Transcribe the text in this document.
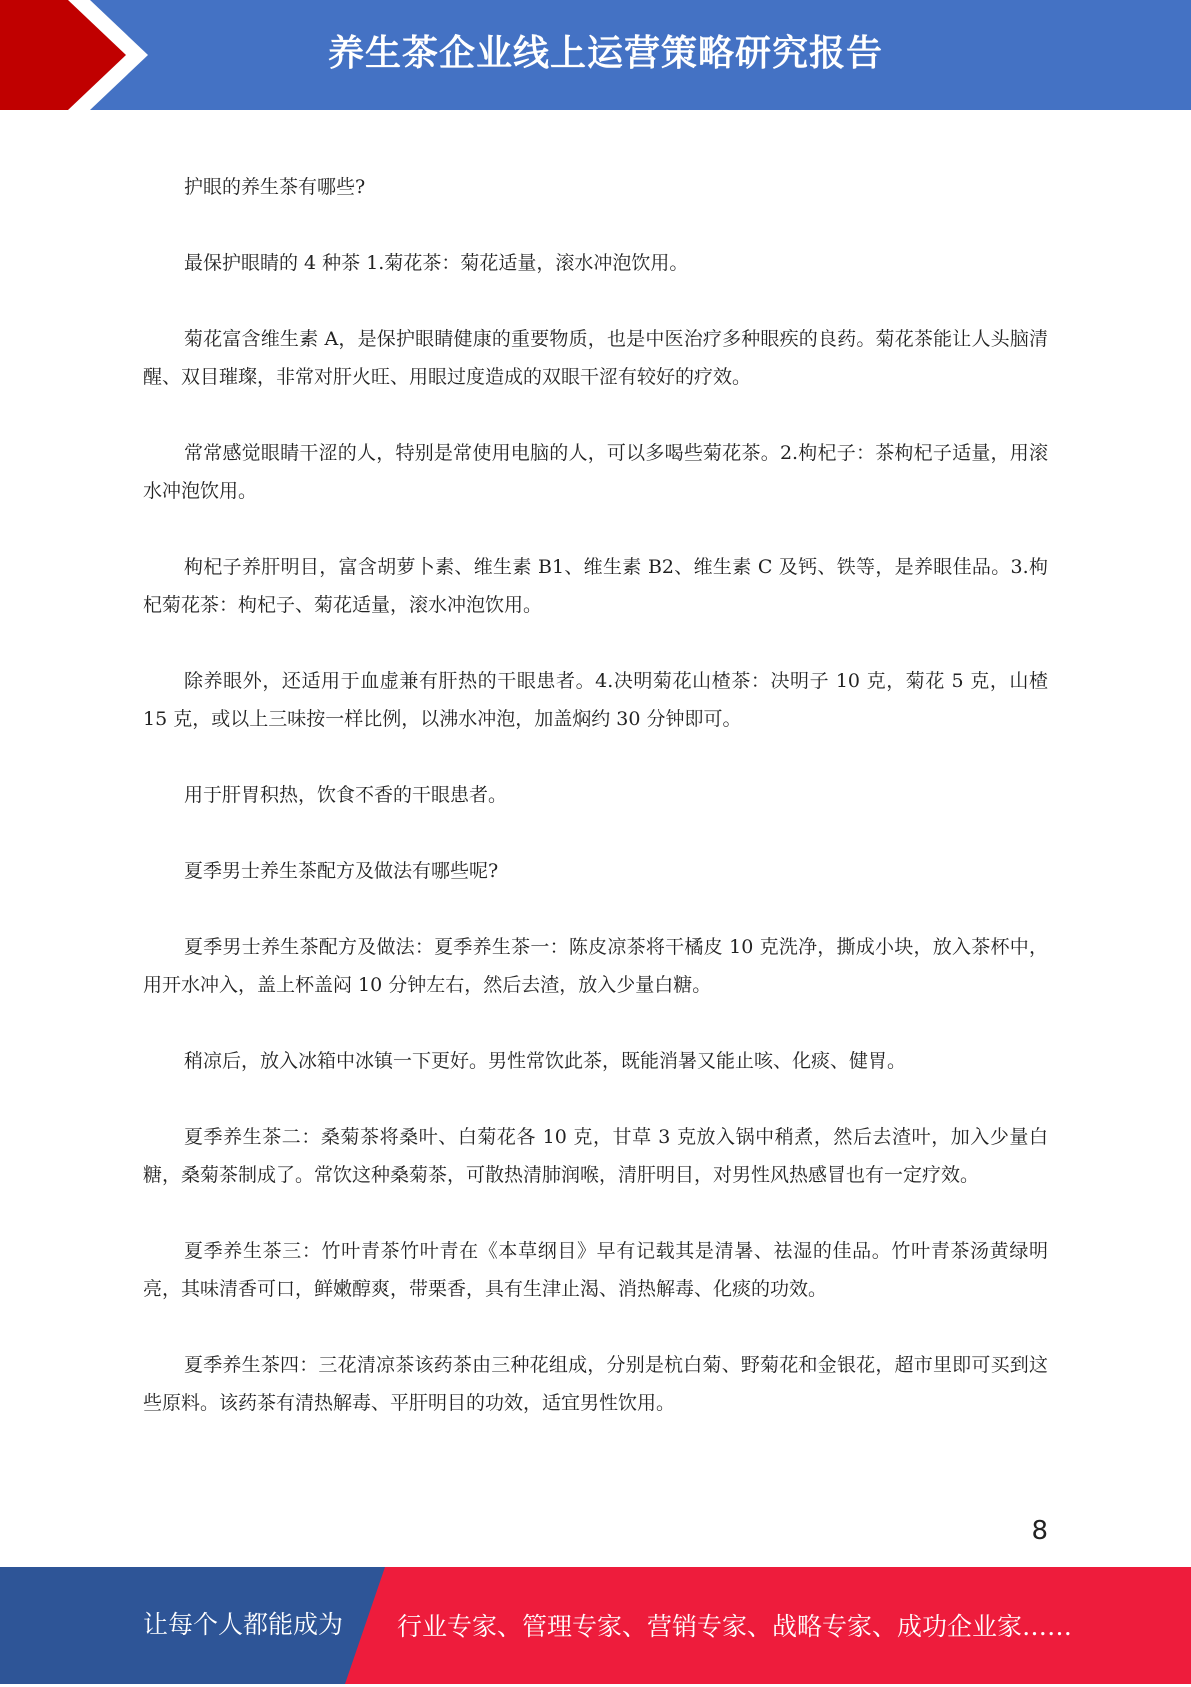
养生茶企业线上运营策略研究报告

护眼的养生茶有哪些?

最保护眼睛的 4 种茶 1.菊花茶：菊花适量，滚水冲泡饮用。

菊花富含维生素 A，是保护眼睛健康的重要物质，也是中医治疗多种眼疾的良药。菊花茶能让人头脑清醒、双目璀璨，非常对肝火旺、用眼过度造成的双眼干涩有较好的疗效。

常常感觉眼睛干涩的人，特别是常使用电脑的人，可以多喝些菊花茶。2.枸杞子：茶枸杞子适量，用滚水冲泡饮用。

枸杞子养肝明目，富含胡萝卜素、维生素 B1、维生素 B2、维生素 C 及钙、铁等，是养眼佳品。3.枸杞菊花茶：枸杞子、菊花适量，滚水冲泡饮用。

除养眼外，还适用于血虚兼有肝热的干眼患者。4.决明菊花山楂茶：决明子 10 克，菊花 5 克，山楂 15 克，或以上三味按一样比例，以沸水冲泡，加盖焖约 30 分钟即可。

用于肝胃积热，饮食不香的干眼患者。

夏季男士养生茶配方及做法有哪些呢?

夏季男士养生茶配方及做法：夏季养生茶一：陈皮凉茶将干橘皮 10 克洗净，撕成小块，放入茶杯中，用开水冲入，盖上杯盖闷 10 分钟左右，然后去渣，放入少量白糖。

稍凉后，放入冰箱中冰镇一下更好。男性常饮此茶，既能消暑又能止咳、化痰、健胃。

夏季养生茶二：桑菊茶将桑叶、白菊花各 10 克，甘草 3 克放入锅中稍煮，然后去渣叶，加入少量白糖，桑菊茶制成了。常饮这种桑菊茶，可散热清肺润喉，清肝明目，对男性风热感冒也有一定疗效。

夏季养生茶三：竹叶青茶竹叶青在《本草纲目》早有记载其是清暑、祛湿的佳品。竹叶青茶汤黄绿明亮，其味清香可口，鲜嫩醇爽，带栗香，具有生津止渴、消热解毒、化痰的功效。

夏季养生茶四：三花清凉茶该药茶由三种花组成，分别是杭白菊、野菊花和金银花，超市里即可买到这些原料。该药茶有清热解毒、平肝明目的功效，适宜男性饮用。

8
让每个人都能成为 行业专家、管理专家、营销专家、战略专家、成功企业家……
